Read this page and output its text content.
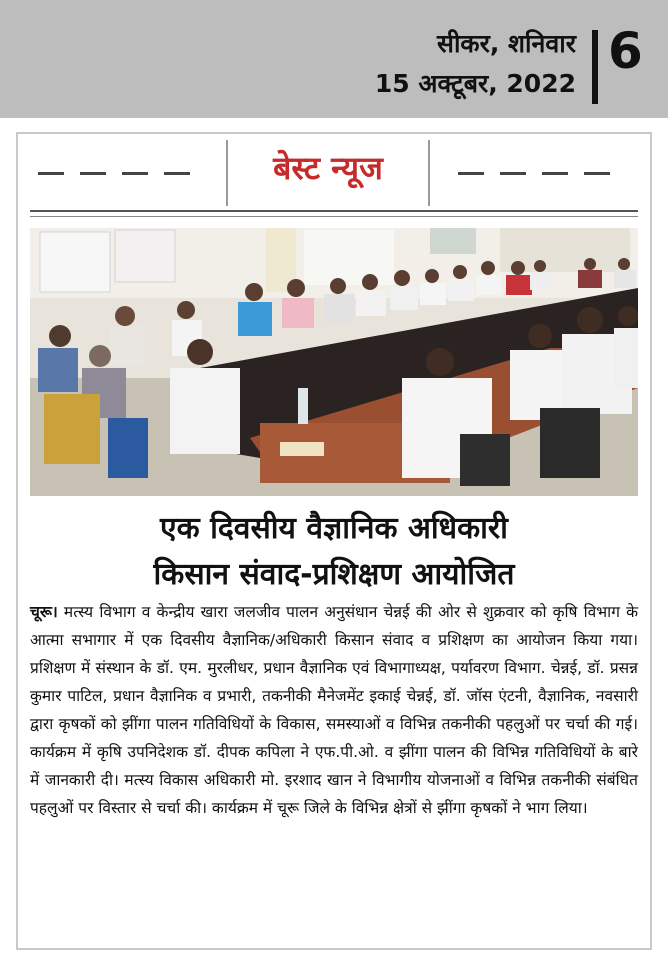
सीकर, शनिवार
15 अक्टूबर, 2022
6
बेस्ट न्यूज
एक दिवसीय वैज्ञानिक अधिकारी
किसान संवाद-प्रशिक्षण आयोजित

चूरू। मत्स्य विभाग व केन्द्रीय खारा जलजीव पालन अनुसंधान चेन्नई की ओर से शुक्रवार को कृषि विभाग के आत्मा सभागार में एक दिवसीय वैज्ञानिक/अधिकारी किसान संवाद व प्रशिक्षण का आयोजन किया गया। प्रशिक्षण में संस्थान के डॉ. एम. मुरलीधर, प्रधान वैज्ञानिक एवं विभागाध्यक्ष, पर्यावरण विभाग. चेन्नई, डॉ. प्रसन्न कुमार पाटिल, प्रधान वैज्ञानिक व प्रभारी, तकनीकी मैनेजमेंट इकाई चेन्नई, डॉ. जॉस एंटनी, वैज्ञानिक, नवसारी द्वारा कृषकों को झींगा पालन गतिविधियों के विकास, समस्याओं व विभिन्न तकनीकी पहलुओं पर चर्चा की गई। कार्यक्रम में कृषि उपनिदेशक डॉ. दीपक कपिला ने एफ.पी.ओ. व झींगा पालन की विभिन्न गतिविधियों के बारे में जानकारी दी। मत्स्य विकास अधिकारी मो. इरशाद खान ने विभागीय योजनाओं व विभिन्न तकनीकी संबंधित पहलुओं पर विस्तार से चर्चा की। कार्यक्रम में चूरू जिले के विभिन्न क्षेत्रों से झींगा कृषकों ने भाग लिया।
